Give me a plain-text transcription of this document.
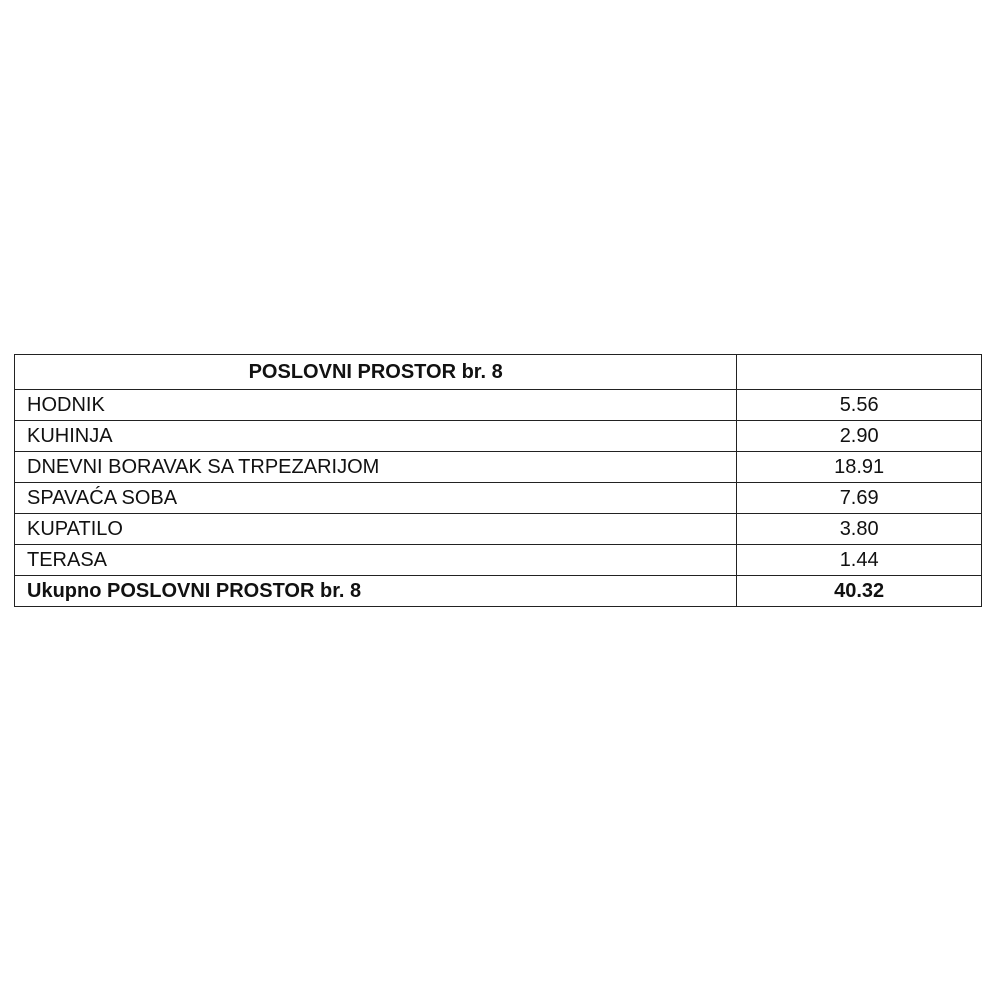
POSLOVNI PROSTOR br. 8	
HODNIK	5.56
KUHINJA	2.90
DNEVNI BORAVAK SA TRPEZARIJOM	18.91
SPAVAĆA SOBA	7.69
KUPATILO	3.80
TERASA	1.44
Ukupno POSLOVNI PROSTOR br. 8	40.32
